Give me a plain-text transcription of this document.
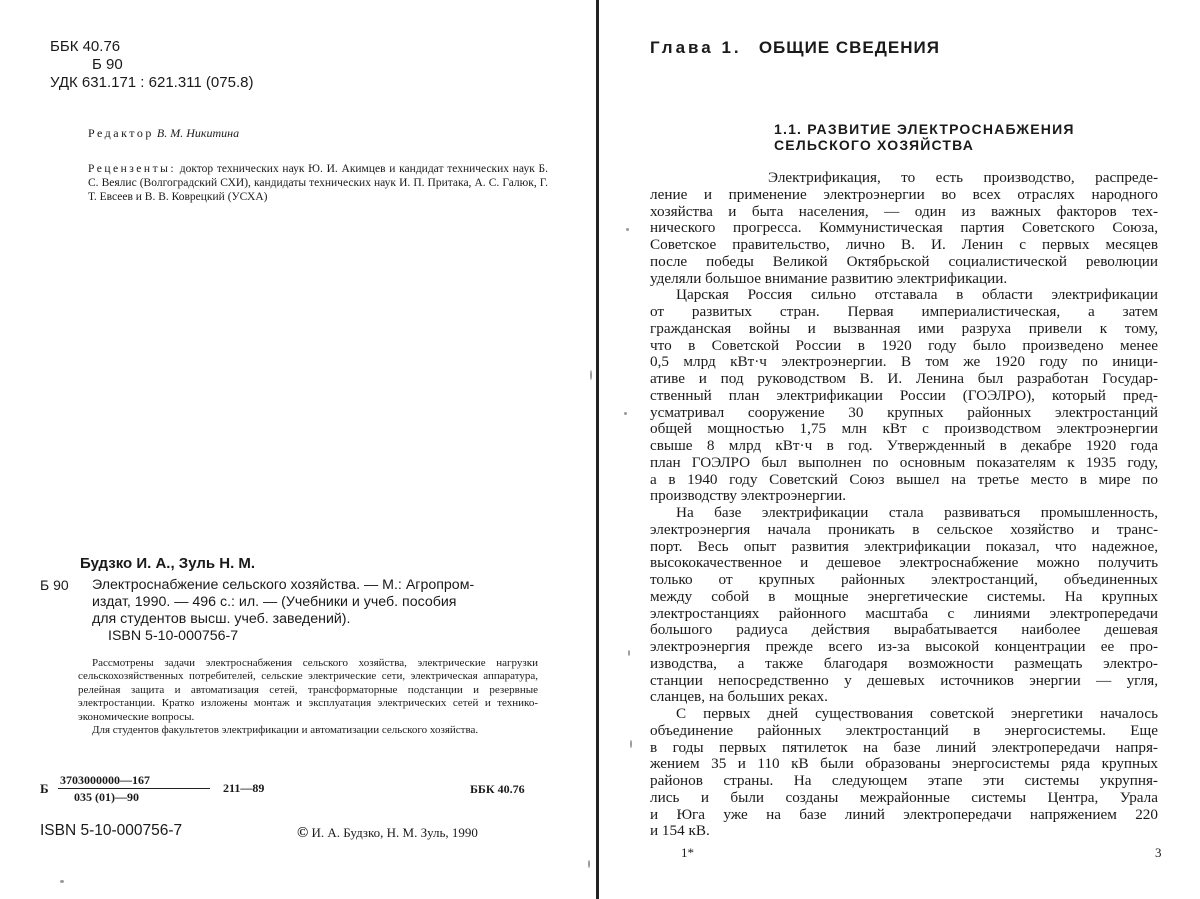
ББК 40.76
Б 90
УДК 631.171 : 621.311 (075.8)
Редактор В. М. Никитина
Рецензенты: доктор технических наук Ю. И. Акимцев и кандидат технических наук Б. С. Веялис (Волгоградский СХИ), кандидаты технических наук И. П. Притака, А. С. Галюк, Г. Т. Евсеев и В. В. Коврецкий (УСХА)
Будзко И. А., Зуль Н. М.
Б 90 Электроснабжение сельского хозяйства. — М.: Агропром-
издат, 1990. — 496 с.: ил. — (Учебники и учеб. пособия
для студентов высш. учеб. заведений).
ISBN 5-10-000756-7

Рассмотрены задачи электроснабжения сельского хозяйства, электрические нагрузки сельскохозяйственных потребителей, сельские электрические сети, электрическая аппаратура, релейная защита и автоматизация сетей, трансформаторные подстанции и резервные электростанции. Кратко изложены монтаж и эксплуатация электрических сетей и технико-экономические вопросы.

Для студентов факультетов электрификации и автоматизации сельского хозяйства.

Б
3703000000—167
035 (01)—90
211—89	ББК 40.76
ISBN 5-10-000756-7	© И. А. Будзко, Н. М. Зуль, 1990
Глава 1. ОБЩИЕ СВЕДЕНИЯ
1.1. РАЗВИТИЕ ЭЛЕКТРОСНАБЖЕНИЯ
СЕЛЬСКОГО ХОЗЯЙСТВА

Электрификация, то есть производство, распреде-
ление и применение электроэнергии во всех отраслях народного
хозяйства и быта населения, — один из важных факторов тех-
нического прогресса. Коммунистическая партия Советского Союза,
Советское правительство, лично В. И. Ленин с первых месяцев
после победы Великой Октябрьской социалистической революции
уделяли большое внимание развитию электрификации.

Царская Россия сильно отставала в области электрификации
от развитых стран. Первая империалистическая, а затем
гражданская войны и вызванная ими разруха привели к тому,
что в Советской России в 1920 году было произведено менее
0,5 млрд кВт·ч электроэнергии. В том же 1920 году по иници-
ативе и под руководством В. И. Ленина был разработан Государ-
ственный план электрификации России (ГОЭЛРО), который пред-
усматривал сооружение 30 крупных районных электростанций
общей мощностью 1,75 млн кВт с производством электроэнергии
свыше 8 млрд кВт·ч в год. Утвержденный в декабре 1920 года
план ГОЭЛРО был выполнен по основным показателям к 1935 году,
а в 1940 году Советский Союз вышел на третье место в мире по
производству электроэнергии.

На базе электрификации стала развиваться промышленность,
электроэнергия начала проникать в сельское хозяйство и транс-
порт. Весь опыт развития электрификации показал, что надежное,
высококачественное и дешевое электроснабжение можно получить
только от крупных районных электростанций, объединенных
между собой в мощные энергетические системы. На крупных
электростанциях районного масштаба с линиями электропередачи
большого радиуса действия вырабатывается наиболее дешевая
электроэнергия прежде всего из-за высокой концентрации ее про-
изводства, а также благодаря возможности размещать электро-
станции непосредственно у дешевых источников энергии — угля,
сланцев, на больших реках.

С первых дней существования советской энергетики началось
объединение районных электростанций в энергосистемы. Еще
в годы первых пятилеток на базе линий электропередачи напря-
жением 35 и 110 кВ были образованы энергосистемы ряда крупных
районов страны. На следующем этапе эти системы укрупня-
лись и были созданы межрайонные системы Центра, Урала
и Юга уже на базе линий электропередачи напряжением 220
и 154 кВ.

1*	3
